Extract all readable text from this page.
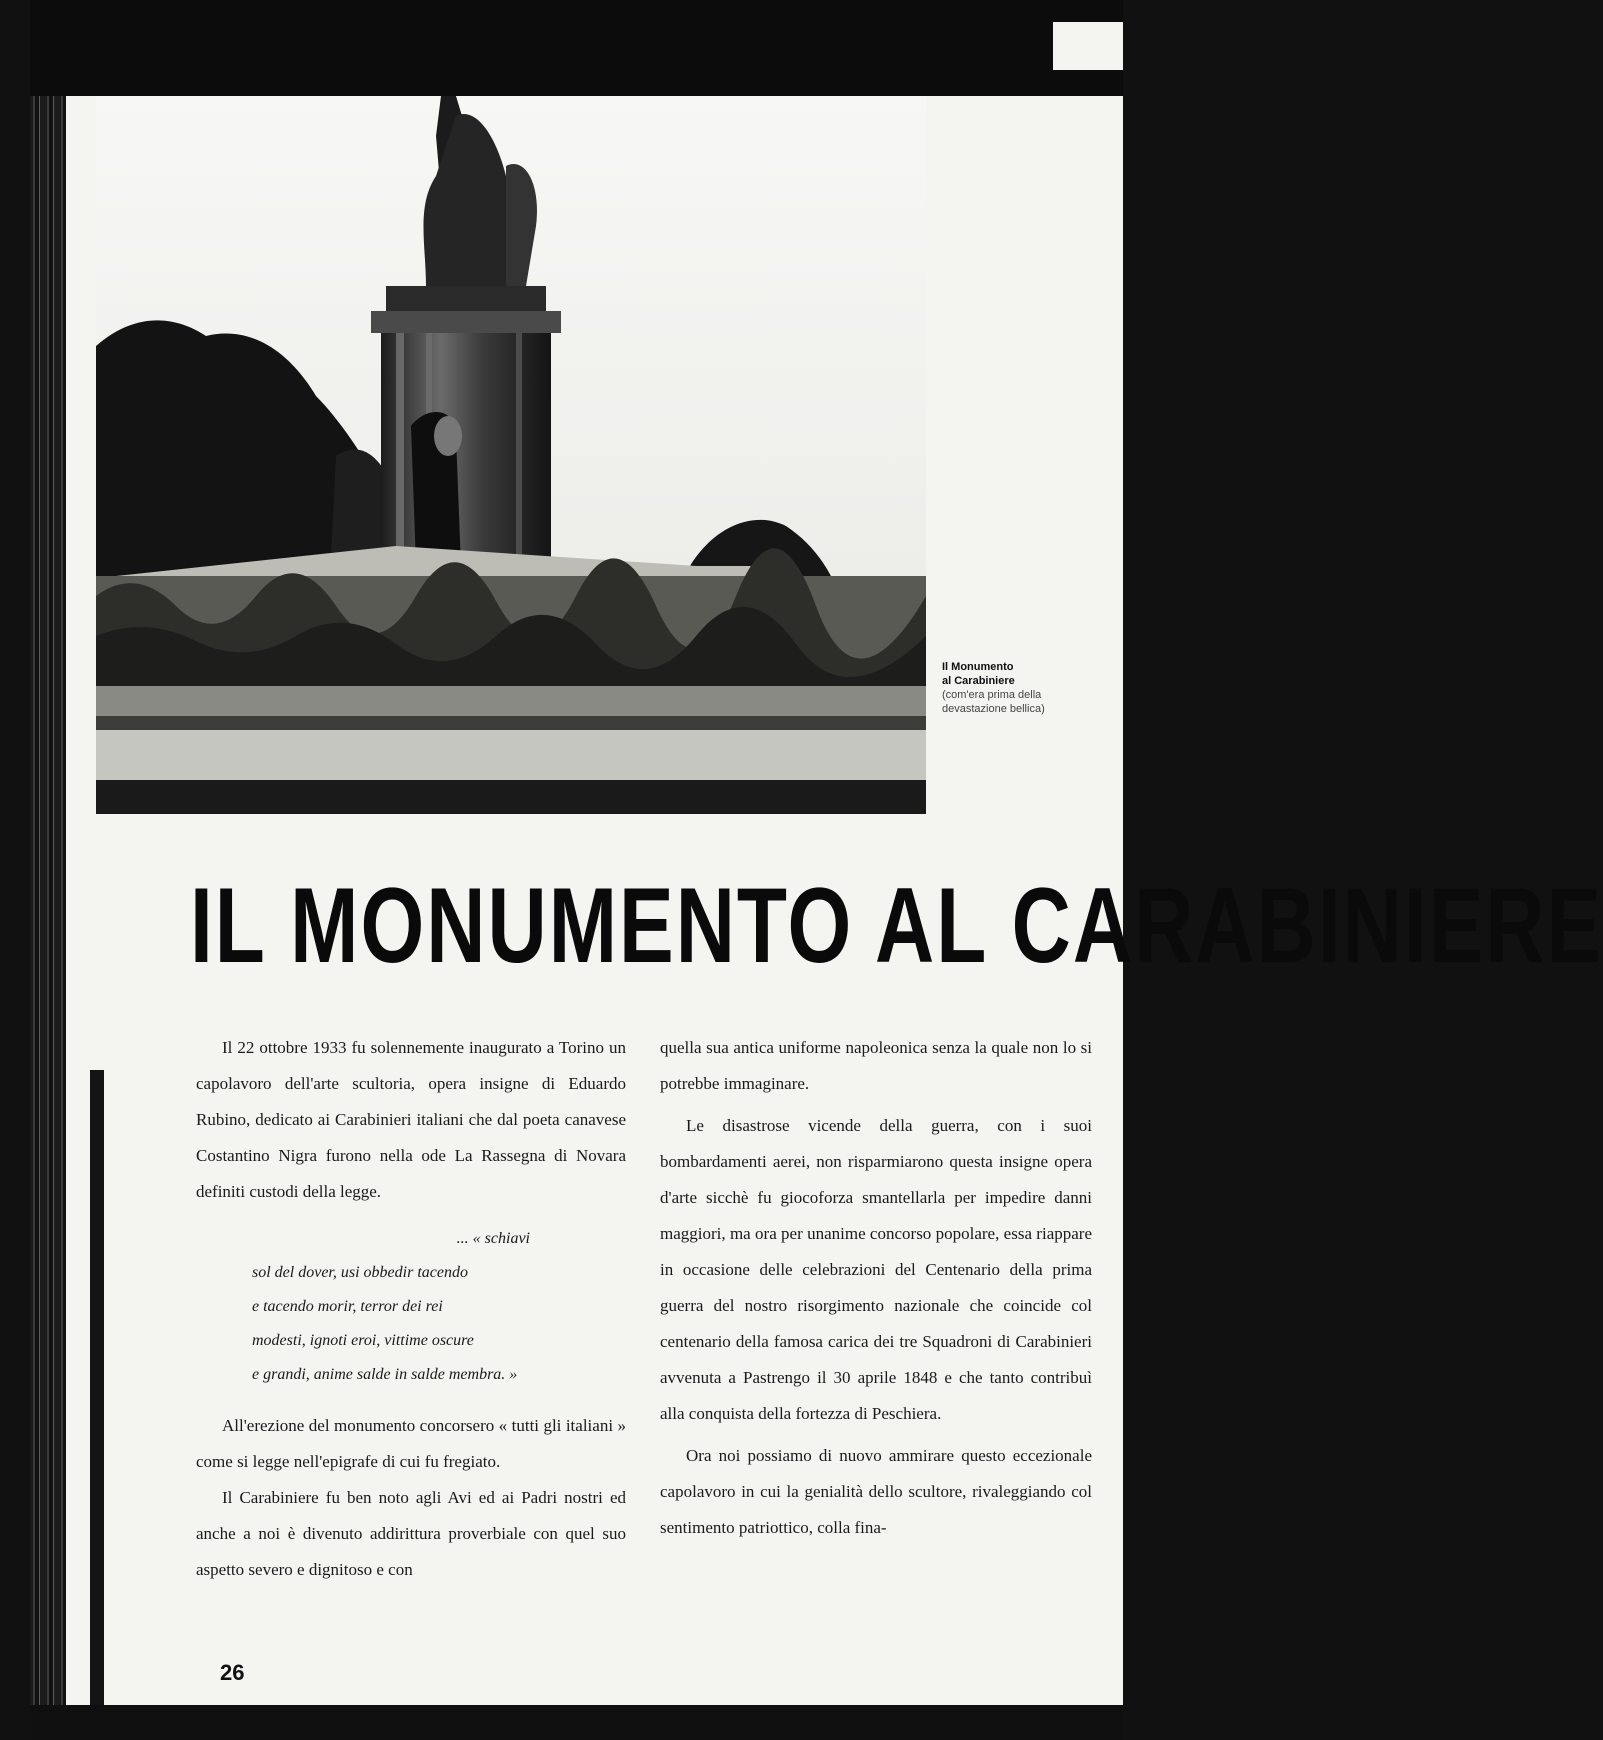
Il Monumento
al Carabiniere
(com'era prima della
devastazione bellica)
IL MONUMENTO AL CARABINIERE

Il 22 ottobre 1933 fu solennemente inaugurato a Torino un capolavoro dell'arte scultoria, opera insigne di Eduardo Rubino, dedicato ai Carabinieri italiani che dal poeta canavese Costantino Nigra furono nella ode La Rassegna di Novara definiti custodi della legge.

... « schiavi
sol del dover, usi obbedir tacendo
e tacendo morir, terror dei rei
modesti, ignoti eroi, vittime oscure
e grandi, anime salde in salde membra. »

All'erezione del monumento concorsero « tutti gli italiani » come si legge nell'epigrafe di cui fu fregiato.

Il Carabiniere fu ben noto agli Avi ed ai Padri nostri ed anche a noi è divenuto addirittura proverbiale con quel suo aspetto severo e dignitoso e con

quella sua antica uniforme napoleonica senza la quale non lo si potrebbe immaginare.

Le disastrose vicende della guerra, con i suoi bombardamenti aerei, non risparmiarono questa insigne opera d'arte sicchè fu giocoforza smantellarla per impedire danni maggiori, ma ora per unanime concorso popolare, essa riappare in occasione delle celebrazioni del Centenario della prima guerra del nostro risorgimento nazionale che coincide col centenario della famosa carica dei tre Squadroni di Carabinieri avvenuta a Pastrengo il 30 aprile 1848 e che tanto contribuì alla conquista della fortezza di Peschiera.

Ora noi possiamo di nuovo ammirare questo eccezionale capolavoro in cui la genialità dello scultore, rivaleggiando col sentimento patriottico, colla fina-

26
